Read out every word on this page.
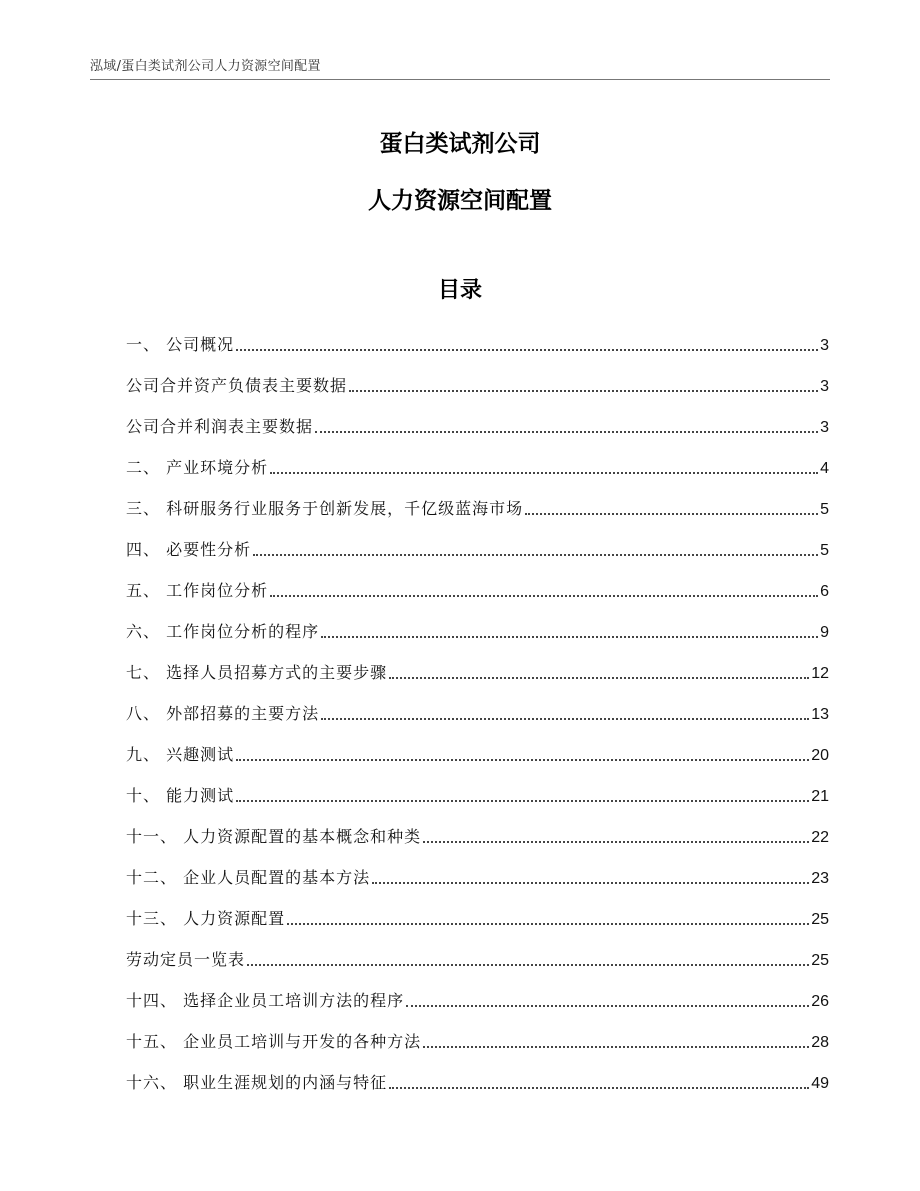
泓域/蛋白类试剂公司人力资源空间配置
蛋白类试剂公司
人力资源空间配置
目录
一、 公司概况	3
公司合并资产负债表主要数据	3
公司合并利润表主要数据	3
二、 产业环境分析	4
三、 科研服务行业服务于创新发展，千亿级蓝海市场	5
四、 必要性分析	5
五、 工作岗位分析	6
六、 工作岗位分析的程序	9
七、 选择人员招募方式的主要步骤	12
八、 外部招募的主要方法	13
九、 兴趣测试	20
十、 能力测试	21
十一、 人力资源配置的基本概念和种类	22
十二、 企业人员配置的基本方法	23
十三、 人力资源配置	25
劳动定员一览表	25
十四、 选择企业员工培训方法的程序	26
十五、 企业员工培训与开发的各种方法	28
十六、 职业生涯规划的内涵与特征	49
